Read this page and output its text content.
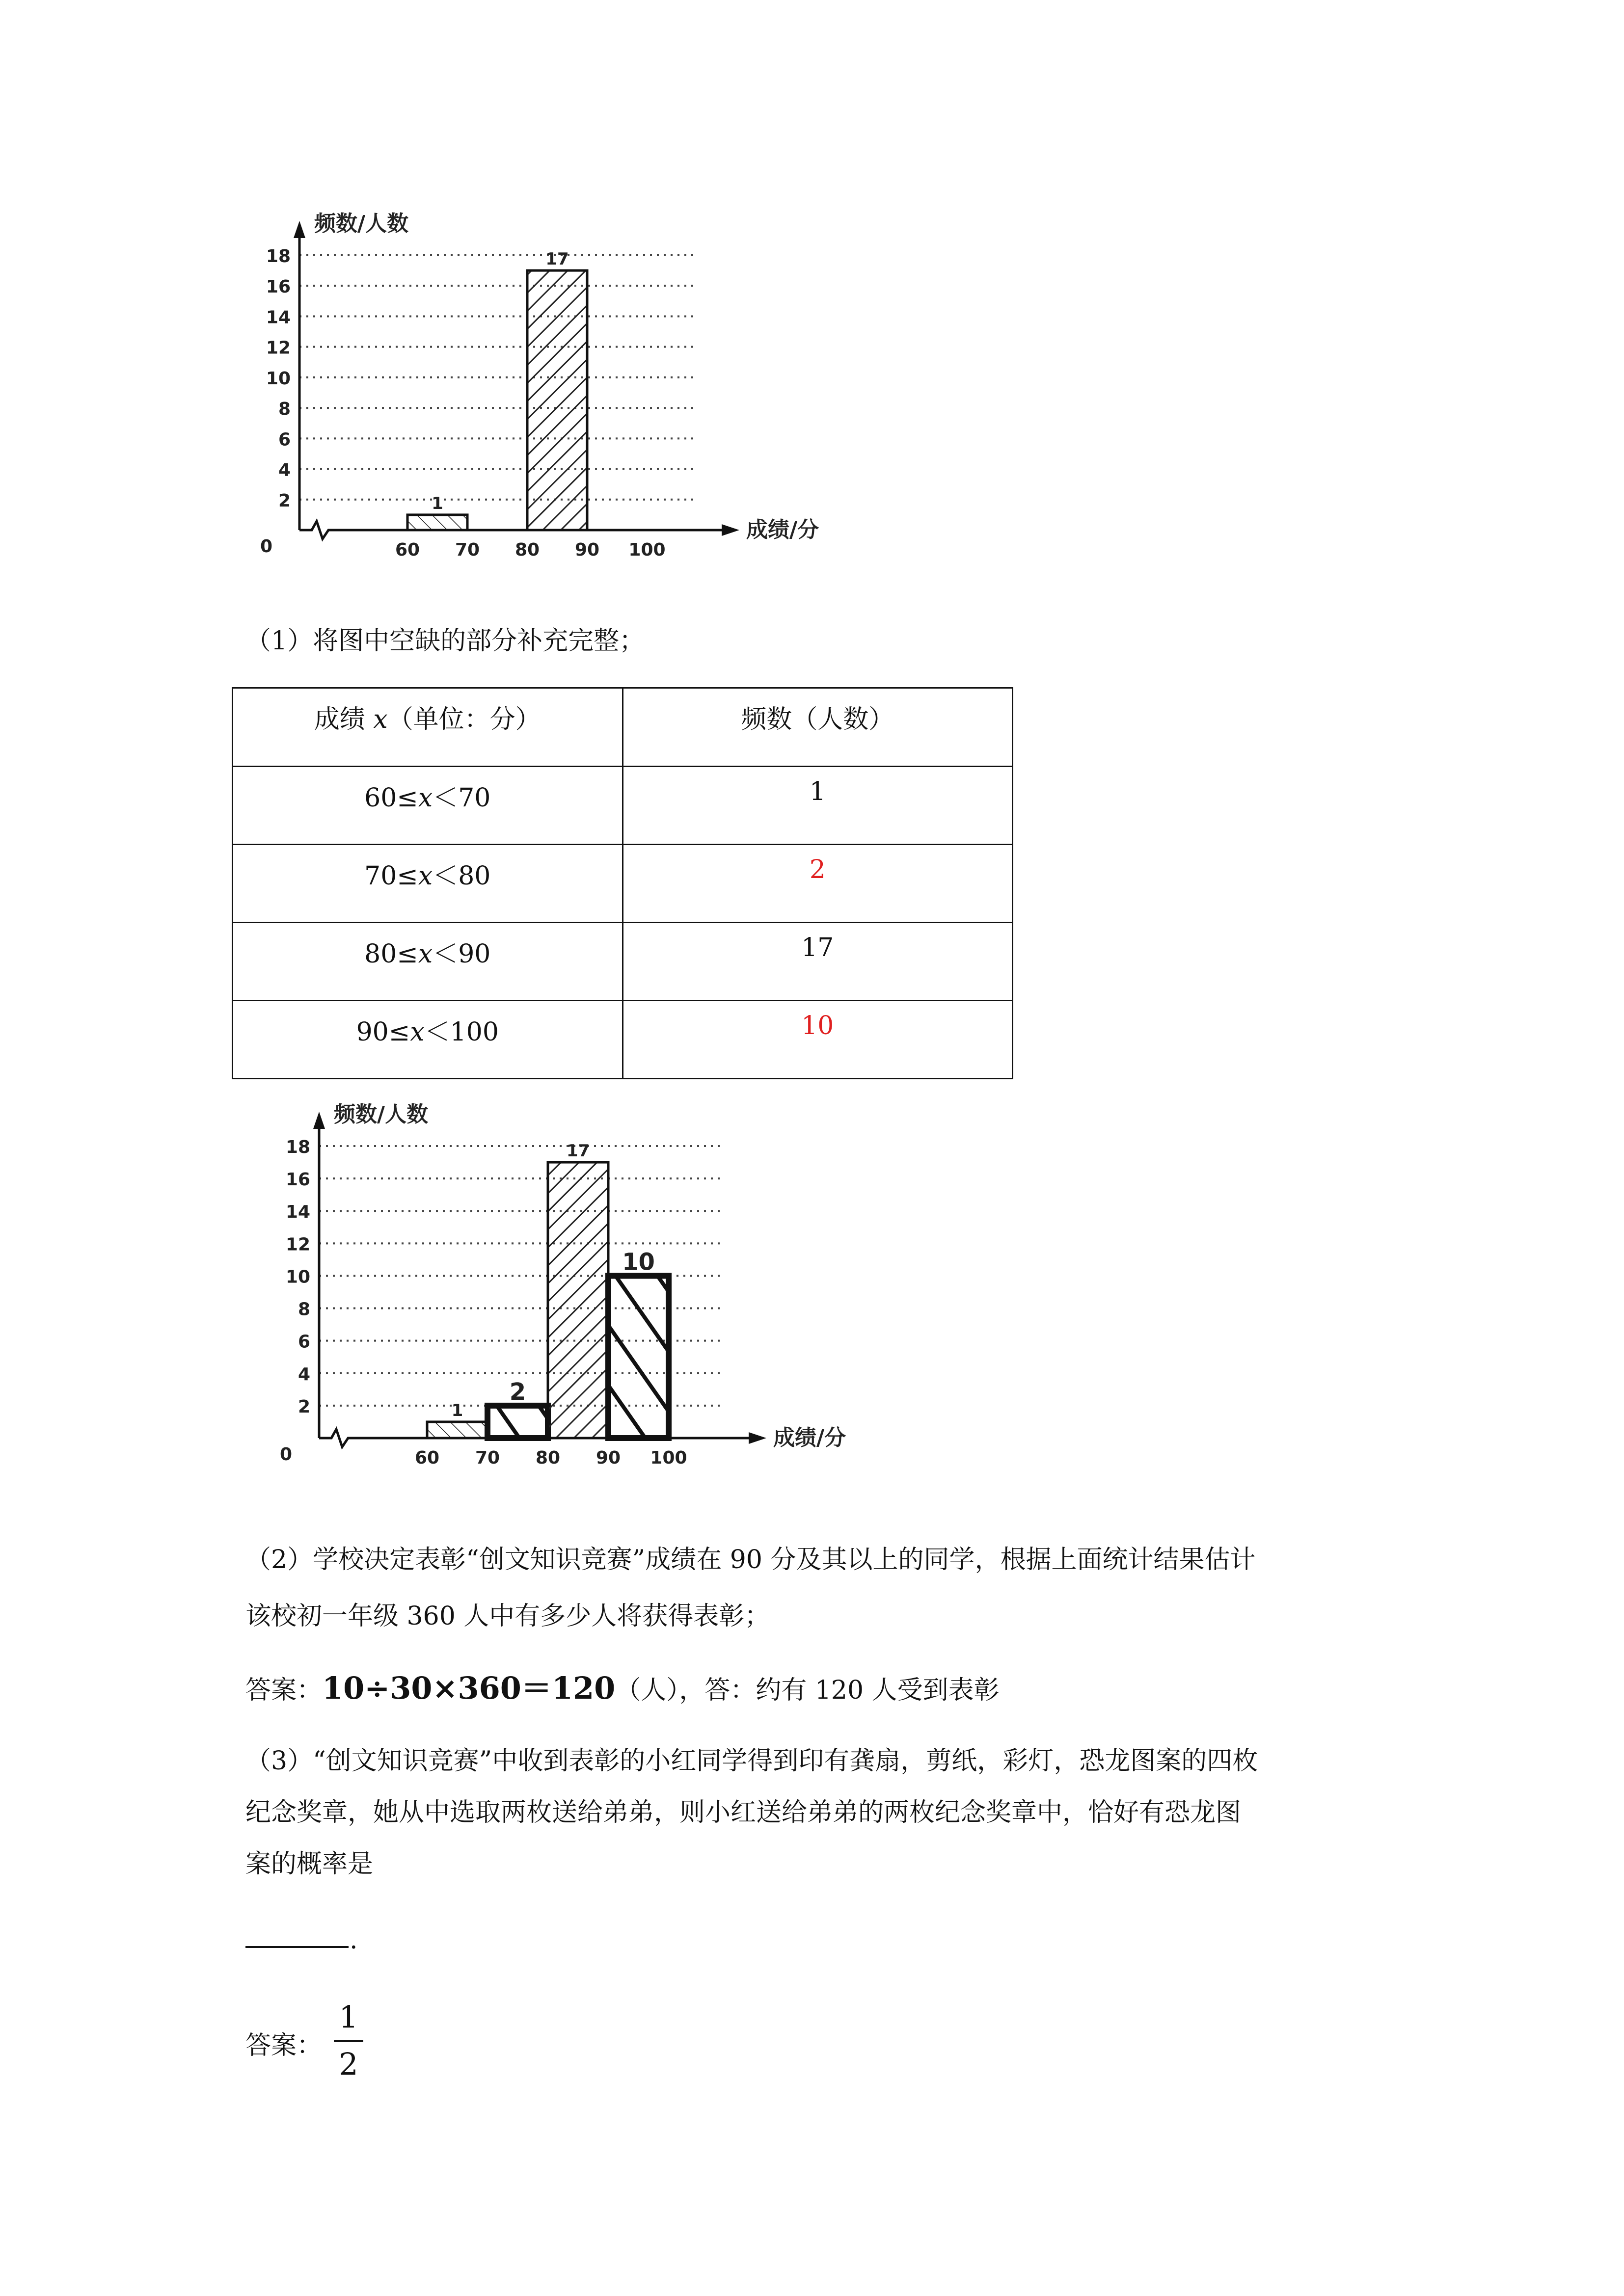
0
2
4
6
8
10
12
14
16
18
频数/人数
成绩/分
60 70 80 90 100
1
17
（1）将图中空缺的部分补充完整；
成绩 x（单位：分）	频数（人数）
60≤x＜70	1
70≤x＜80	2
80≤x＜90	17
90≤x＜100	10
0
2
4
6
8
10
12
14
16
18
频数/人数
成绩/分
60 70 80 90 100
1
2
17
10
（2）学校决定表彰“创文知识竞赛”成绩在 90 分及其以上的同学，根据上面统计结果估计
该校初一年级 360 人中有多少人将获得表彰；
答案：10÷30×360＝120（人），答：约有 120 人受到表彰
（3）“创文知识竞赛”中收到表彰的小红同学得到印有龚扇，剪纸，彩灯，恐龙图案的四枚
纪念奖章，她从中选取两枚送给弟弟，则小红送给弟弟的两枚纪念奖章中，恰好有恐龙图
案的概率是
.
答案：
1
2
